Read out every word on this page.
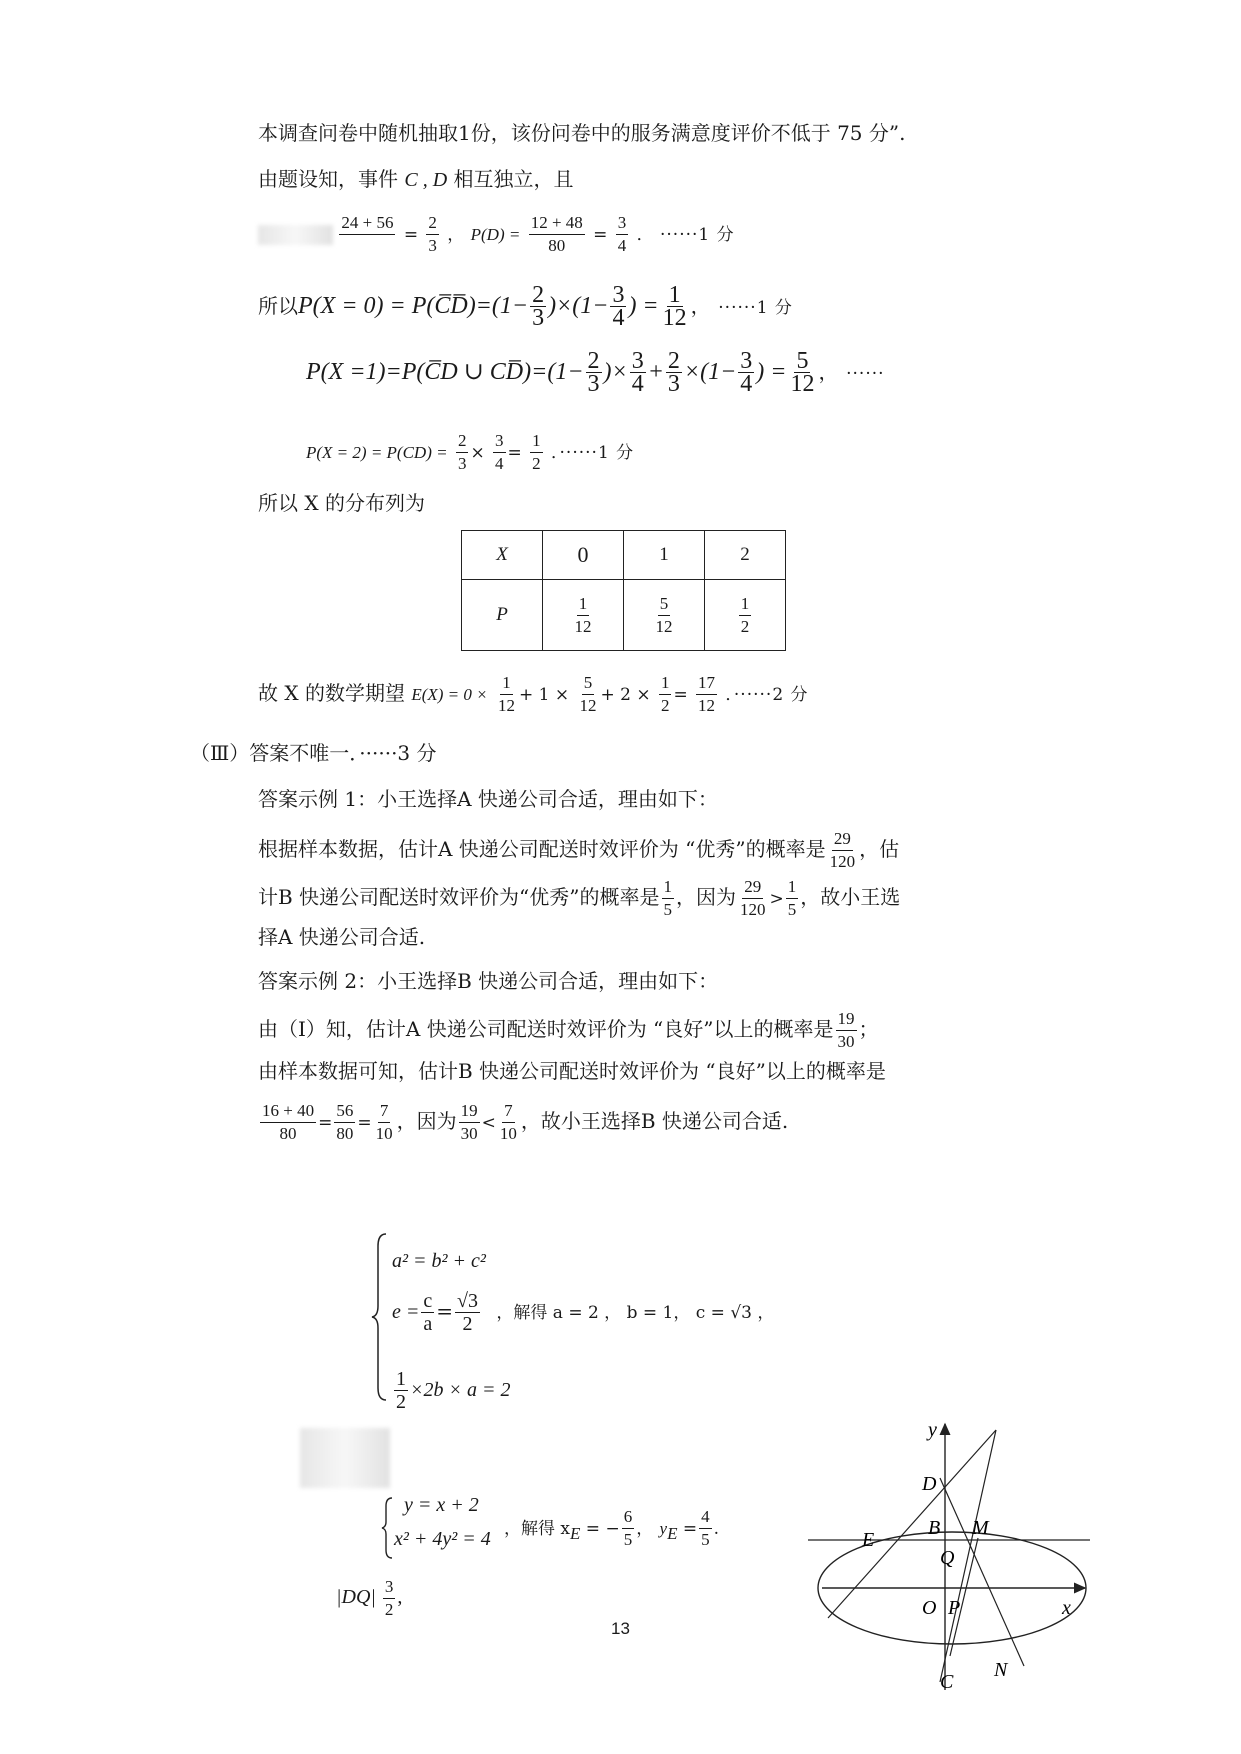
本调查问卷中随机抽取1份，该份问卷中的服务满意度评价不低于 75 分”.
由题设知，事件 C , D 相互独立，且

24 + 56
= $\frac{2}{3}$ ， $P(D) = \frac{12 + 48}{80} = \frac{3}{4}$ ． ······1 分
所以P(X = 0) = P(C̅D̅)=(1− $\frac{2}{3} )\times(1- \frac{3}{4}$ ) = $\frac{1}{12}$ ， ······1 分
P(X =1)=P(C̅D ∪ CD̅)=(1− $\frac{2}{3}$ )× $\frac{3}{4} + \frac{2}{3} \times(1- \frac{3}{4}$ ) = $\frac{5}{12}$ ， ······
$P(X = 2) = P(CD) = \frac{2}{3} \times \frac{3}{4} = \frac{1}{2}$ ．······1 分
所以 X 的分布列为
X	0	1	2
P	$\frac{1}{12}$	$\frac{5}{12}$	$\frac{1}{2}$
故 X 的数学期望 $E(X) = 0 \times \frac{1}{12} + 1 \times \frac{5}{12} + 2 \times \frac{1}{2} = \frac{17}{12}$ ．······2 分
（Ⅲ）答案不唯一．······3 分
答案示例 1：小王选择A 快递公司合适，理由如下：
根据样本数据，估计A 快递公司配送时效评价为 “优秀”的概率是 $\frac{29}{120}$ ，估
计B 快递公司配送时效评价为“优秀”的概率是 $\frac{1}{5}$ ，因为 $\frac{29}{120} > \frac{1}{5}$ ，故小王选
择A 快递公司合适.
答案示例 2：小王选择B 快递公司合适，理由如下：
由（Ⅰ）知，估计A 快递公司配送时效评价为 “良好”以上的概率是 $\frac{19}{30}$ ；
由样本数据可知，估计B 快递公司配送时效评价为 “良好”以上的概率是
$\frac{16 + 40}{80} = \frac{56}{80} = \frac{7}{10}$ ，因为 $\frac{19}{30} < \frac{7}{10}$ ，故小王选择B 快递公司合适.
a² = b² + c²
$e = \frac{c}{a} = \frac{√3}{2}$ ，解得 a = 2 ， b = 1， c = √3 ，
$\frac{1}{2} \times 2b \times a = 2$
y = x + 2
x² + 4y² = 4 ，解得 $x_E$ = − $\frac{6}{5}$ ， $y_E = \frac{4}{5}$ .
$|DQ| \frac{3}{2}$ ,
y
x
D
E
B M
Q
O P
N
C
13
